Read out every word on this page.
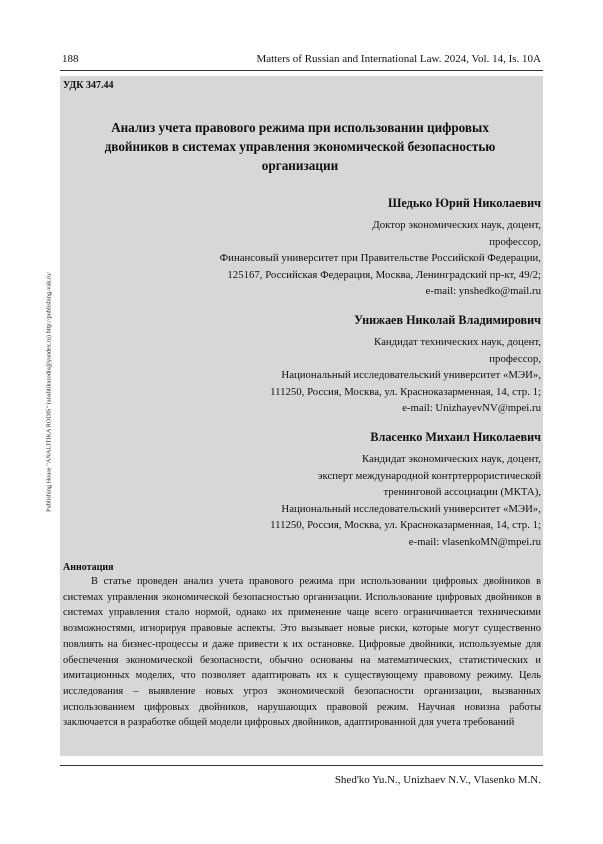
188	Matters of Russian and International Law. 2024, Vol. 14, Is. 10A
Publishing House "ANALITIKA RODIS" (analitikarodis@yandex.ru) http://publishing-vak.ru/
УДК 347.44
Анализ учета правового режима при использовании цифровых двойников в системах управления экономической безопасностью организации
Шедько Юрий Николаевич
Доктор экономических наук, доцент,
профессор,
Финансовый университет при Правительстве Российской Федерации,
125167, Российская Федерация, Москва, Ленинградский пр-кт, 49/2;
e-mail: ynshedko@mail.ru
Унижаев Николай Владимирович
Кандидат технических наук, доцент,
профессор,
Национальный исследовательский университет «МЭИ»,
111250, Россия, Москва, ул. Красноказарменная, 14, стр. 1;
e-mail: UnizhayevNV@mpei.ru
Власенко Михаил Николаевич
Кандидат экономических наук, доцент,
эксперт международной контртеррористической
тренинговой ассоциации (МКТА),
Национальный исследовательский университет «МЭИ»,
111250, Россия, Москва, ул. Красноказарменная, 14, стр. 1;
e-mail: vlasenkoMN@mpei.ru
Аннотация
В статье проведен анализ учета правового режима при использовании цифровых двойников в системах управления экономической безопасностью организации. Использование цифровых двойников в системах управления стало нормой, однако их применение чаще всего ограничивается техническими возможностями, игнорируя правовые аспекты. Это вызывает новые риски, которые могут существенно повлиять на бизнес-процессы и даже привести к их остановке. Цифровые двойники, используемые для обеспечения экономической безопасности, обычно основаны на математических, статистических и имитационных моделях, что позволяет адаптировать их к существующему правовому режиму. Цель исследования – выявление новых угроз экономической безопасности организации, вызванных использованием цифровых двойников, нарушающих правовой режим. Научная новизна работы заключается в разработке общей модели цифровых двойников, адаптированной для учета требований
Shed'ko Yu.N., Unizhaev N.V., Vlasenko M.N.
